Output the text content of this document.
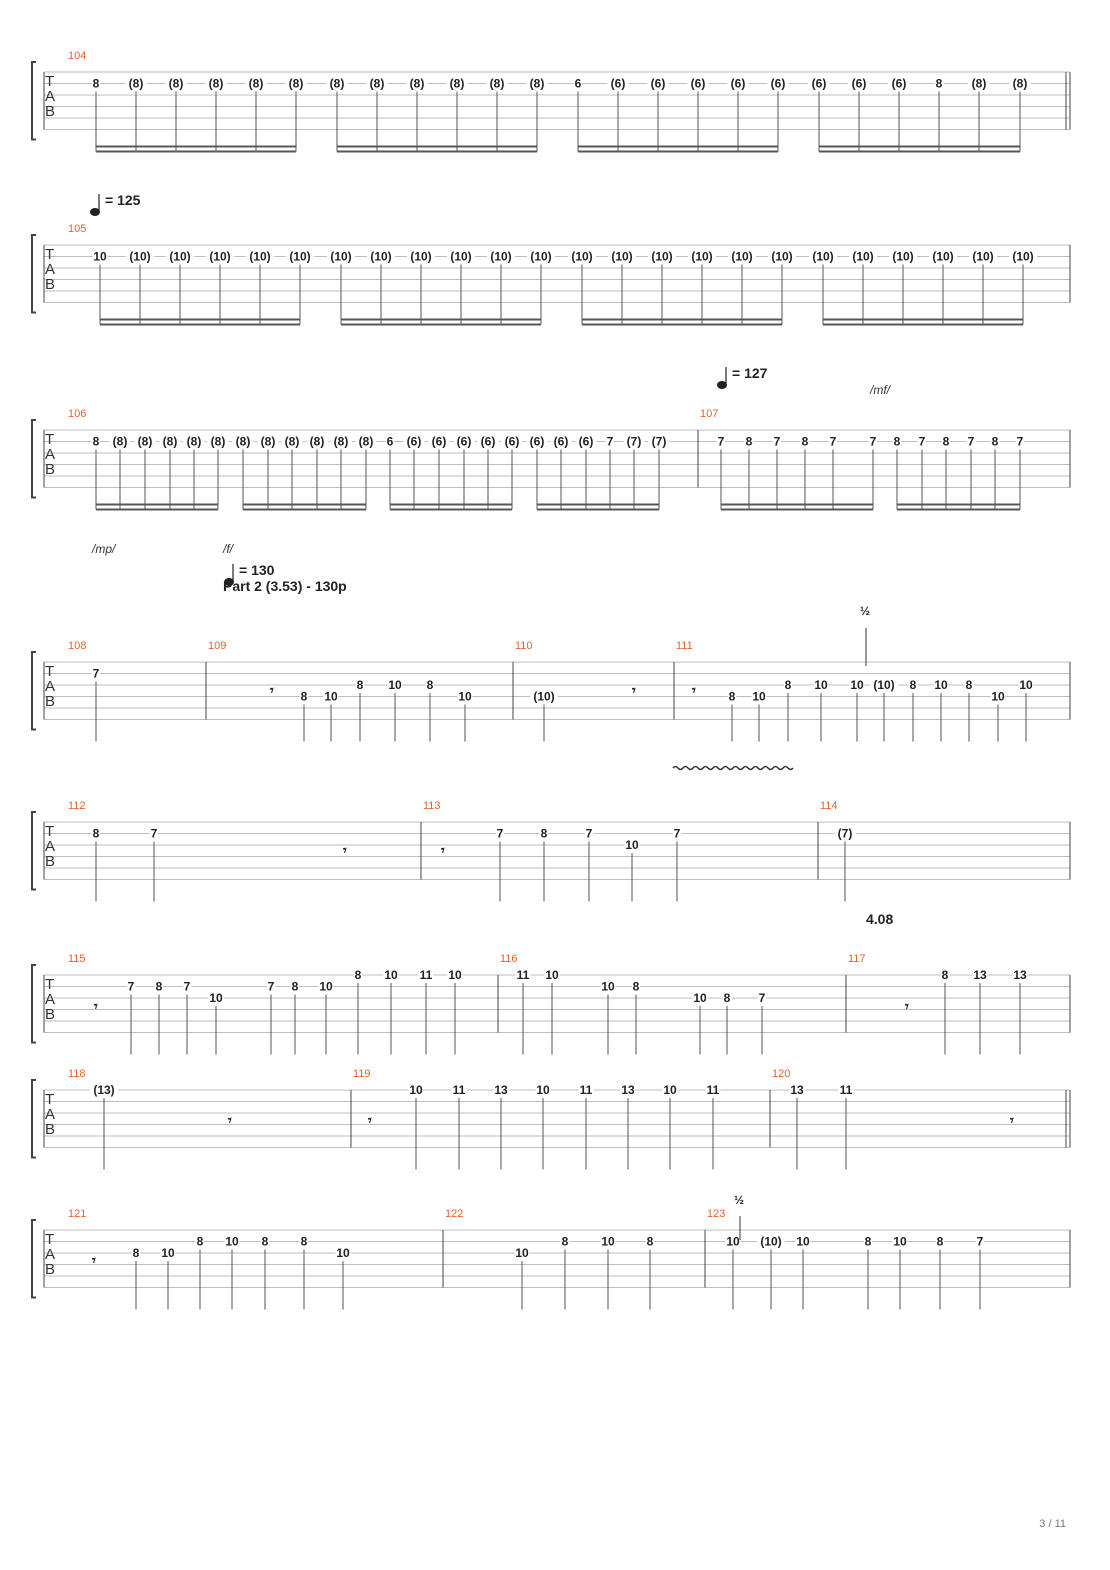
T
A
B
104
8 (8) (8) (8) (8) (8) (8) (8) (8) (8) (8) (8)	6 (6) (6) (6) (6) (6) (6) (6) (6) 8 (8) (8)
T
A
B
105
10 (10) (10) (10) (10) (10) (10) (10) (10) (10) (10) (10) (10) (10) (10) (10) (10) (10) (10) (10) (10) (10) (10) (10)
T
A
B
106
8 (8) (8) (8) (8) (8) (8) (8) (8) (8) (8) (8) 6 (6) (6) (6) (6) (6) (6) (6) (6) 7 (7) (7)
107
7 8 7 8 7	7 8 7 8 7 8 7
T
A
B
108
7
109
8 10
8 10 8
10
110
(10)
111
8 10
8 10 10 (10) 8 10 8
10
10
T
A
B
112
8	7
113
7	8	7
10
7
114
(7)
T
A
B
115
7 8 7
10
7 8 10
8 10 11 10
116
11 10
10 8
10 8 7
117
8 13 13
T
A
B
118
(13)
119
10 11 13 10 11 13 10 11
120
13	11
T
A
B
121
8 10
8 10 8	8
10
122
10
8	10	8
123
10 (10) 10	8 10 8	7
= 125
= 127
= 130
Part 2 (3.53) - 130p
4.08
/mf/
/mp/	/f/
½
½
𝄾	𝄾	𝄾
𝄾	𝄾
𝄾	𝄾
𝄾	𝄾	𝄾
𝄾
3 / 11
